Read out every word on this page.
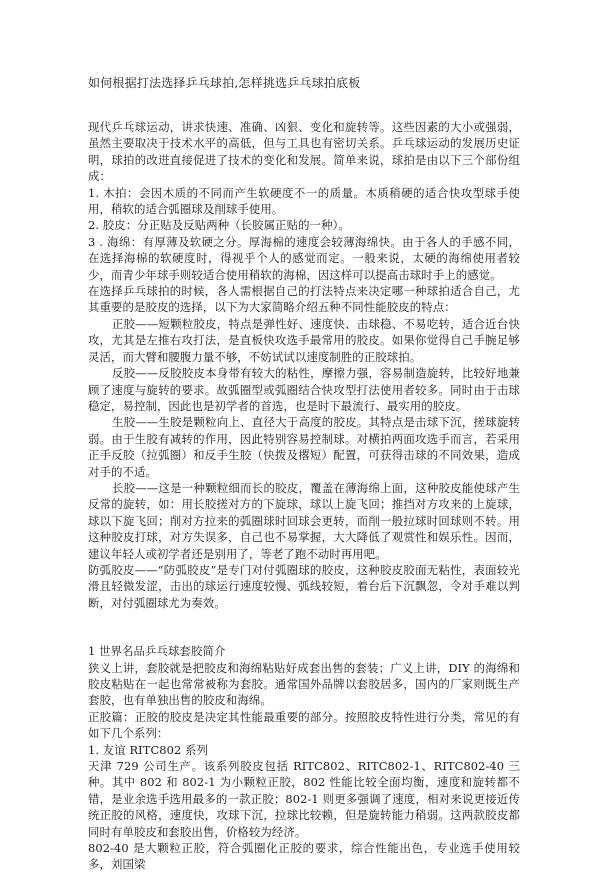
如何根据打法选择乒乓球拍,怎样挑选乒乓球拍底板

现代乒乓球运动，讲求快速、准确、凶狠、变化和旋转等。这些因素的大小或强弱，虽然主要取决于技术水平的高低，但与工具也有密切关系。乒乓球运动的发展历史证明，球拍的改进直接促进了技术的变化和发展。简单来说，球拍是由以下三个部份组成：

1. 木拍：会因木质的不同而产生软硬度不一的质量。木质稍硬的适合快攻型球手使用，稍软的适合弧圈球及削球手使用。

2. 胶皮：分正贴及反贴两种（长胶属正贴的一种）。

3 . 海绵：有厚薄及软硬之分。厚海棉的速度会较薄海绵快。由于各人的手感不同，在选择海棉的软硬度时，得视乎个人的感觉而定。一般来说，太硬的海绵使用者较少，而青少年球手则较适合使用稍软的海棉，因这样可以提高击球时手上的感觉。

在选择乒乓球拍的时候，各人需根据自己的打法特点来决定哪一种球拍适合自己，尤其重要的是胶皮的选择，以下为大家简略介绍五种不同性能胶皮的特点：

正胶——短颗粒胶皮，特点是弹性好、速度快、击球稳、不易吃转，适合近台快攻，尤其是左推右攻打法，是直板快攻选手最常用的胶皮。如果你觉得自己手腕足够灵活，而大臂和腰腹力量不够，不妨试试以速度制胜的正胶球拍。

反胶——反胶胶皮本身带有较大的粘性，摩擦力强，容易制造旋转，比较好地兼顾了速度与旋转的要求。故弧圈型或弧圈结合快攻型打法使用者较多。同时由于击球稳定，易控制，因此也是初学者的首选，也是时下最流行、最实用的胶皮。

生胶——生胶是颗粒向上、直径大于高度的胶皮。其特点是击球下沉，搓球旋转弱。由于生胶有减转的作用，因此特别容易控制球。对横拍两面攻选手而言，若采用正手反胶（拉弧圈）和反手生胶（快拨及撂短）配置，可获得击球的不同效果，造成对手的不适。

长胶——这是一种颗粒细而长的胶皮，覆盖在薄海绵上面，这种胶皮能使球产生反常的旋转，如：用长胶搓对方的下旋球，球以上旋飞回；推挡对方攻来的上旋球，球以下旋飞回；削对方拉来的弧圈球时回球会更转，而削一般拉球时回球则不转。用这种胶皮打球，对方失误多，自己也不易掌握，大大降低了观赏性和娱乐性。因而，建议年轻人或初学者还是别用了，等老了跑不动时再用吧。

防弧胶皮——“防弧胶皮”是专门对付弧圈球的胶皮，这种胶皮胶面无粘性，表面较光滑且轻微发涩，击出的球运行速度较慢、弧线较短，着台后下沉飘忽，令对手难以判断，对付弧圈球尤为奏效。

1 世界名品乒乓球套胶简介

狭义上讲，套胶就是把胶皮和海绵粘贴好成套出售的套装；广义上讲，DIY 的海绵和胶皮粘贴在一起也常常被称为套胶。通常国外品牌以套胶居多，国内的厂家则既生产套胶，也有单独出售的胶皮和海绵。

正胶篇：正胶的胶皮是决定其性能最重要的部分。按照胶皮特性进行分类，常见的有如下几个系列：

1. 友谊 RITC802 系列

天津 729 公司生产。该系列胶皮包括 RITC802、RITC802-1、RITC802-40 三种。其中 802 和 802-1 为小颗粒正胶，802 性能比较全面均衡，速度和旋转都不错，是业余选手选用最多的一款正胶；802-1 则更多强调了速度，相对来说更接近传统正胶的风格，速度快，攻球下沉，拉球比较赖，但是旋转能力稍弱。这两款胶皮都同时有单胶皮和套胶出售，价格较为经济。

802-40 是大颗粒正胶，符合弧圈化正胶的要求，综合性能出色，专业选手使用较多，刘国梁
